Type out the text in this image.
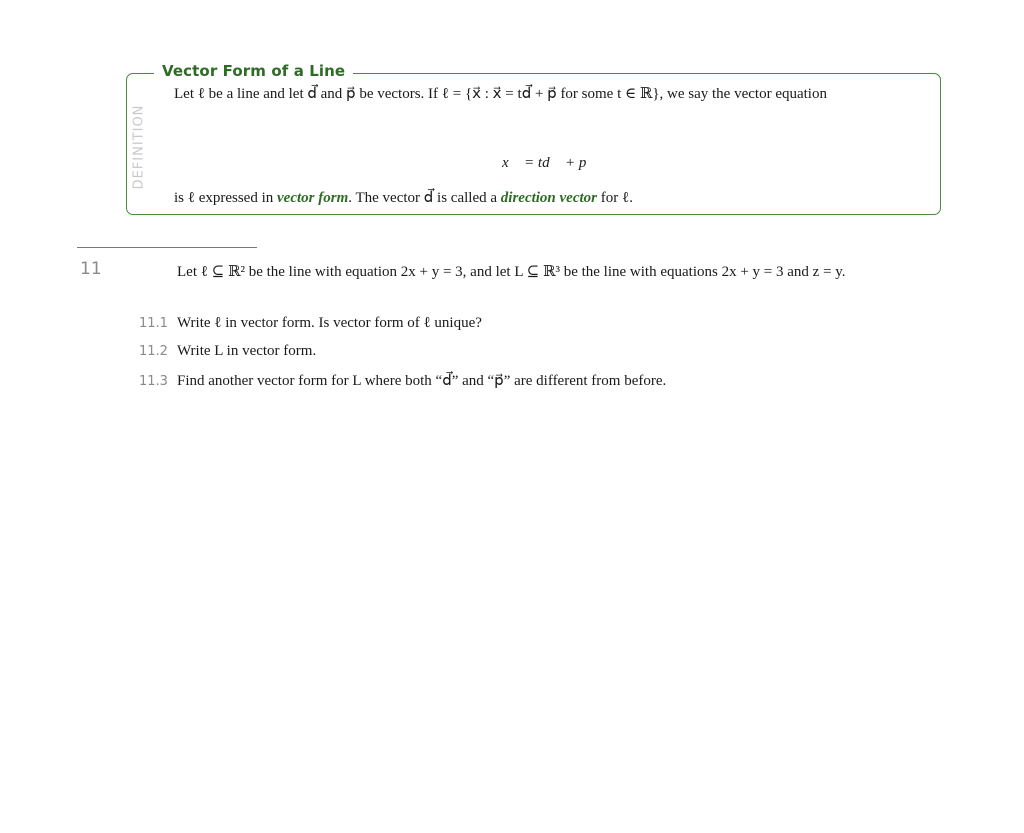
Vector Form of a Line
DEFINITION
Let ℓ be a line and let d⃗ and p⃗ be vectors. If ℓ = {x⃗ : x⃗ = td⃗ + p⃗ for some t ∈ ℝ}, we say the vector equation
x⃗ = td⃗ + p⃗
is ℓ expressed in vector form. The vector d⃗ is called a direction vector for ℓ.
11	Let ℓ ⊆ ℝ² be the line with equation 2x + y = 3, and let L ⊆ ℝ³ be the line with equations 2x + y = 3 and z = y.
11.1 Write ℓ in vector form. Is vector form of ℓ unique?
11.2 Write L in vector form.
11.3 Find another vector form for L where both “d⃗” and “p⃗” are different from before.
